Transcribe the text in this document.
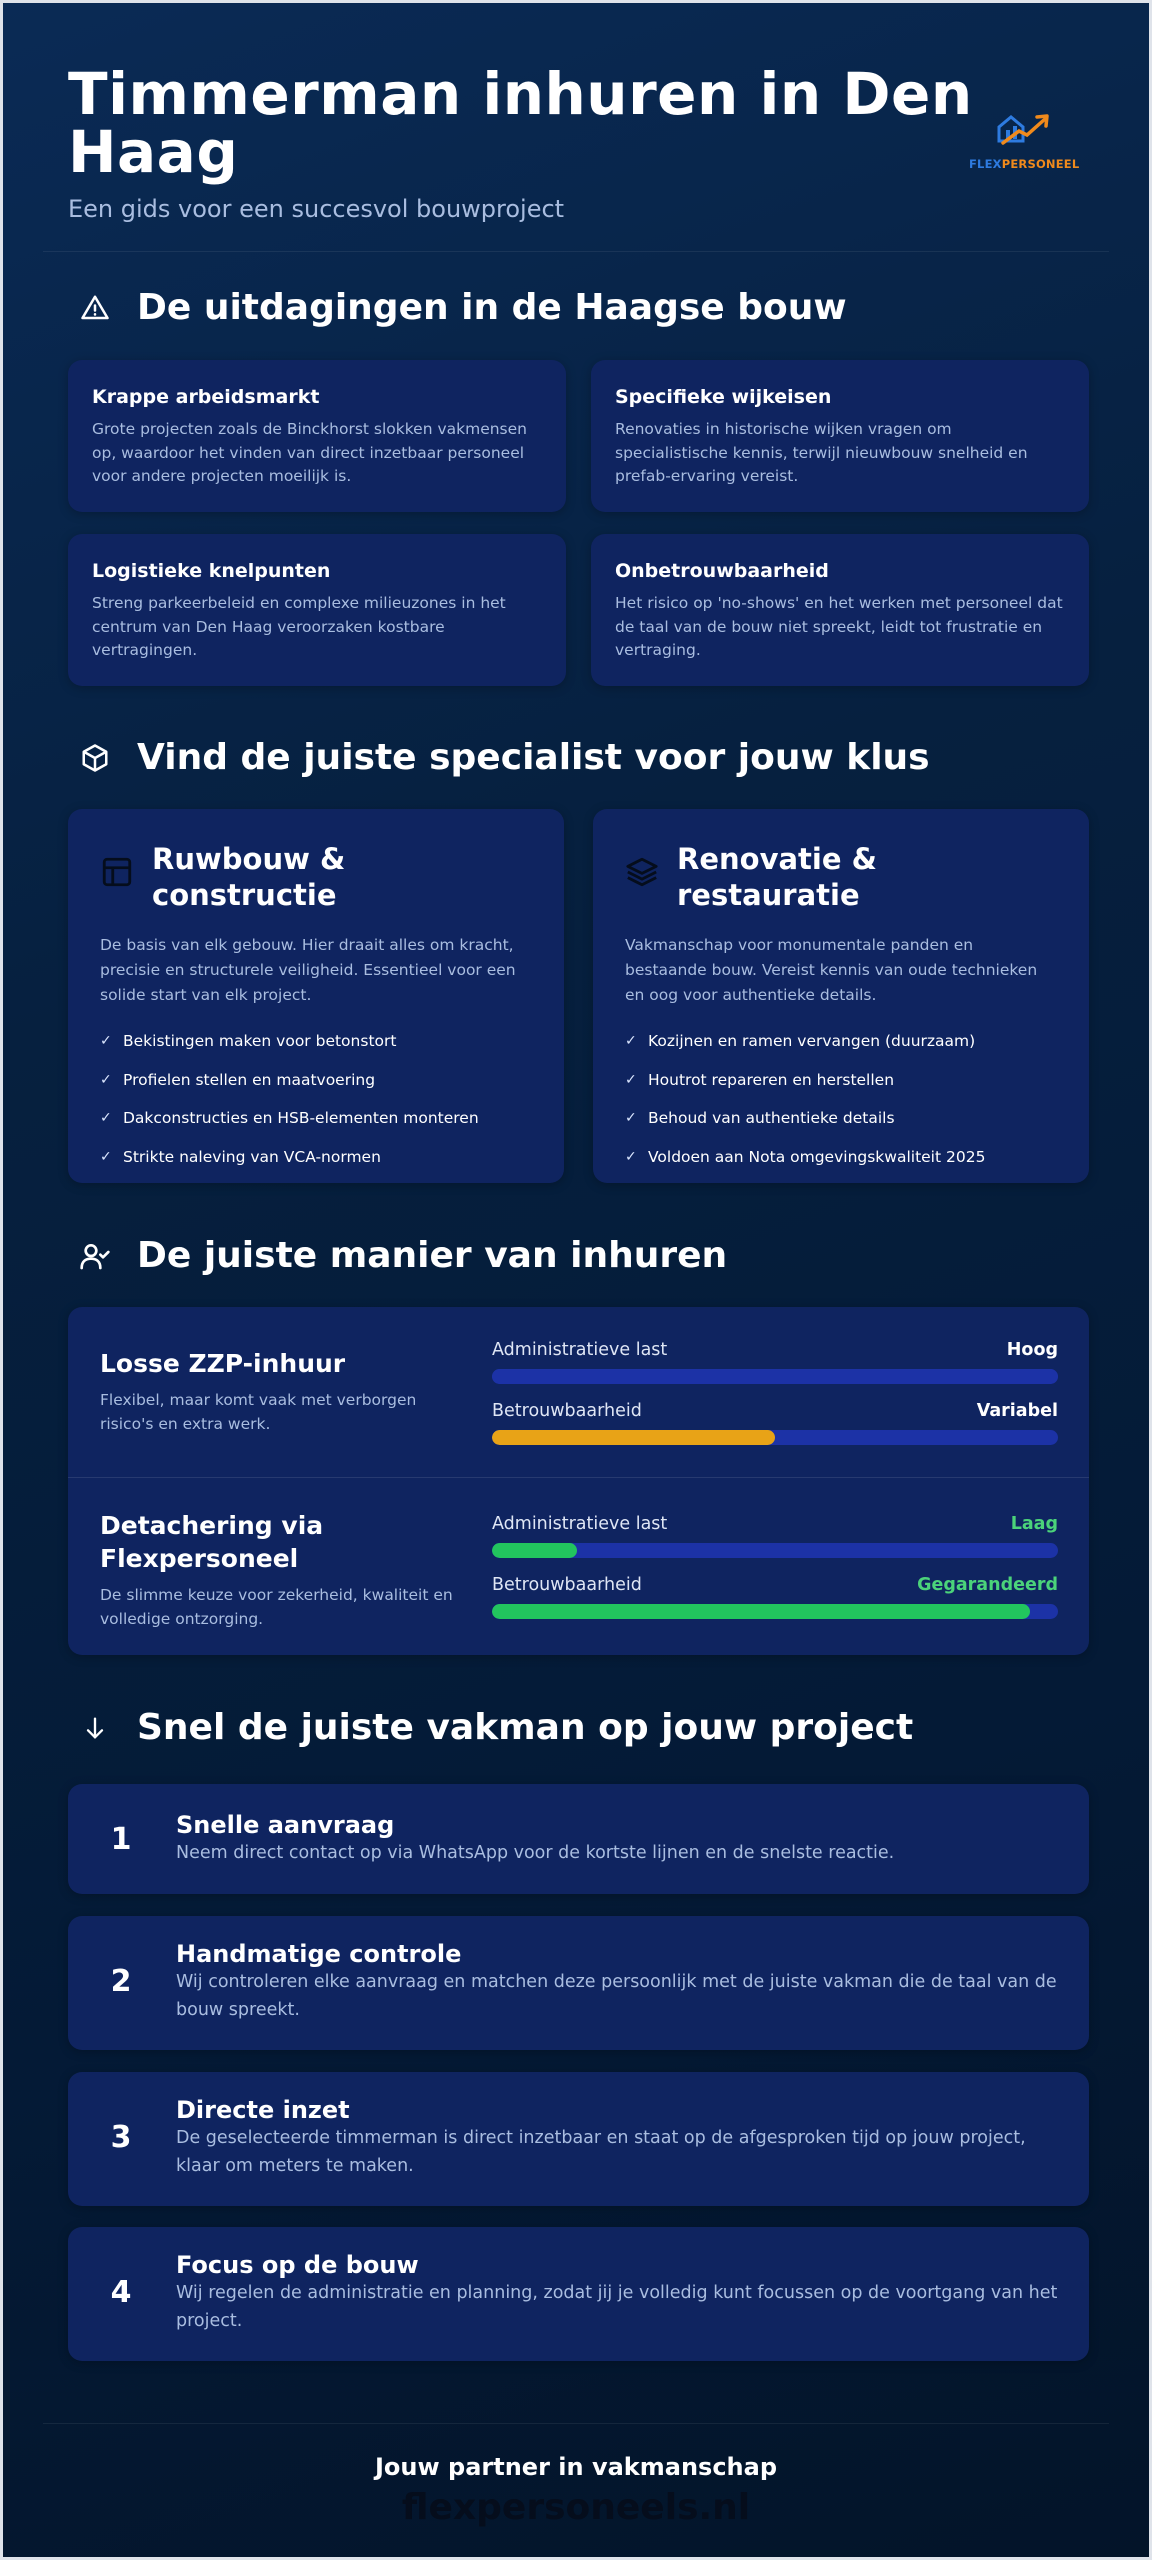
Timmerman inhuren in Den Haag
Een gids voor een succesvol bouwproject
FLEXPERSONEEL
De uitdagingen in de Haagse bouw
Krappe arbeidsmarkt

Grote projecten zoals de Binckhorst slokken vakmensen op, waardoor het vinden van direct inzetbaar personeel voor andere projecten moeilijk is.

Specifieke wijkeisen

Renovaties in historische wijken vragen om specialistische kennis, terwijl nieuwbouw snelheid en prefab-ervaring vereist.

Logistieke knelpunten

Streng parkeerbeleid en complexe milieuzones in het centrum van Den Haag veroorzaken kostbare vertragingen.

Onbetrouwbaarheid

Het risico op 'no-shows' en het werken met personeel dat de taal van de bouw niet spreekt, leidt tot frustratie en vertraging.

Vind de juiste specialist voor jouw klus
Ruwbouw & constructie

De basis van elk gebouw. Hier draait alles om kracht, precisie en structurele veiligheid. Essentieel voor een solide start van elk project.

✓ Bekistingen maken voor betonstort
✓ Profielen stellen en maatvoering
✓ Dakconstructies en HSB-elementen monteren
✓ Strikte naleving van VCA-normen
Renovatie & restauratie

Vakmanschap voor monumentale panden en bestaande bouw. Vereist kennis van oude technieken en oog voor authentieke details.

✓ Kozijnen en ramen vervangen (duurzaam)
✓ Houtrot repareren en herstellen
✓ Behoud van authentieke details
✓ Voldoen aan Nota omgevingskwaliteit 2025
De juiste manier van inhuren
Losse ZZP-inhuur

Flexibel, maar komt vaak met verborgen risico's en extra werk.

Administratieve last	Hoog
Betrouwbaarheid	Variabel
Detachering via Flexpersoneel

De slimme keuze voor zekerheid, kwaliteit en volledige ontzorging.

Administratieve last	Laag
Betrouwbaarheid	Gegarandeerd
Snel de juiste vakman op jouw project
1	Snelle aanvraag

Neem direct contact op via WhatsApp voor de kortste lijnen en de snelste reactie.

2
Handmatige controle

Wij controleren elke aanvraag en matchen deze persoonlijk met de juiste vakman die de taal van de bouw spreekt.

3
Directe inzet

De geselecteerde timmerman is direct inzetbaar en staat op de afgesproken tijd op jouw project, klaar om meters te maken.

4
Focus op de bouw

Wij regelen de administratie en planning, zodat jij je volledig kunt focussen op de voortgang van het project.

Jouw partner in vakmanschap
flexpersoneels.nl
